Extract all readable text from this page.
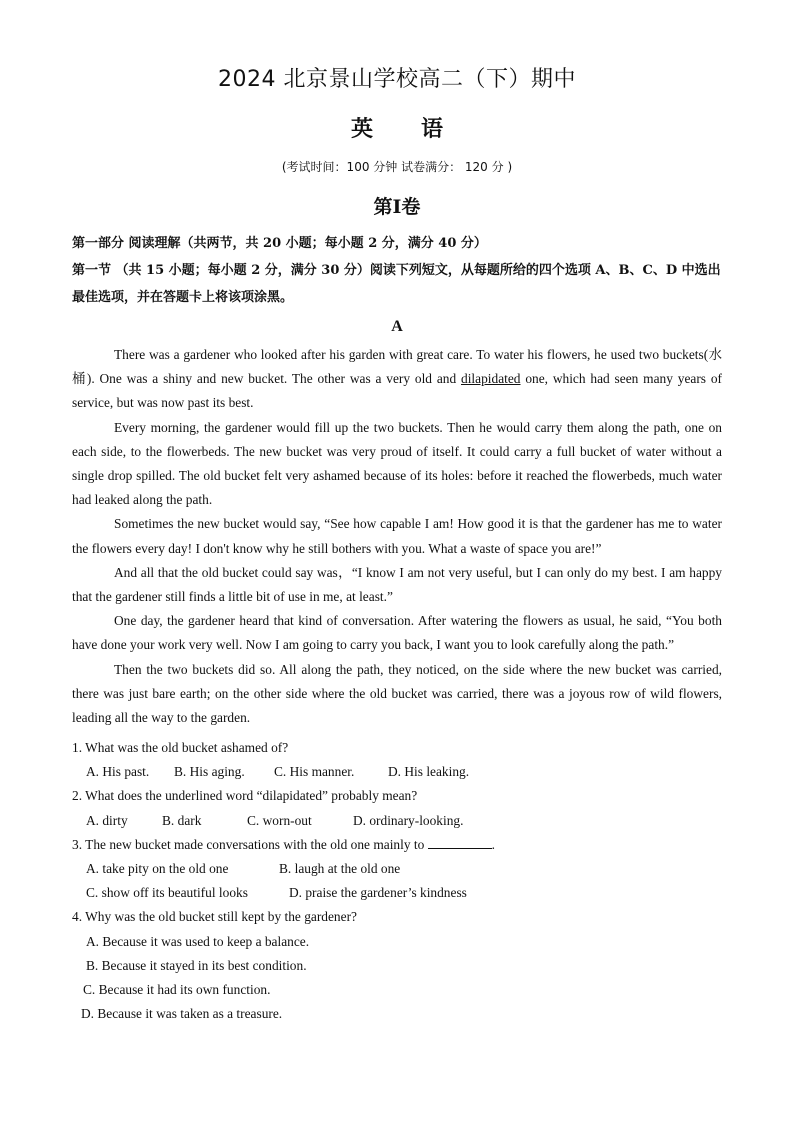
2024 北京景山学校高二（下）期中
英 语
(考试时间：100 分钟 试卷满分： 120 分 )
第Ⅰ卷
第一部分 阅读理解（共两节，共 20 小题；每小题 2 分，满分 40 分）
第一节 （共 15 小题；每小题 2 分，满分 30 分）阅读下列短文，从每题所给的四个选项 A、B、C、D 中选出最佳选项，并在答题卡上将该项涂黑。
A

There was a gardener who looked after his garden with great care. To water his flowers, he used two buckets(水桶). One was a shiny and new bucket. The other was a very old and dilapidated one, which had seen many years of service, but was now past its best.

Every morning, the gardener would fill up the two buckets. Then he would carry them along the path, one on each side, to the flowerbeds. The new bucket was very proud of itself. It could carry a full bucket of water without a single drop spilled. The old bucket felt very ashamed because of its holes: before it reached the flowerbeds, much water had leaked along the path.

Sometimes the new bucket would say, “See how capable I am! How good it is that the gardener has me to water the flowers every day! I don't know why he still bothers with you. What a waste of space you are!”

And all that the old bucket could say was，“I know I am not very useful, but I can only do my best. I am happy that the gardener still finds a little bit of use in me, at least.”

One day, the gardener heard that kind of conversation. After watering the flowers as usual, he said, “You both have done your work very well. Now I am going to carry you back, I want you to look carefully along the path.”

Then the two buckets did so. All along the path, they noticed, on the side where the new bucket was carried, there was just bare earth; on the other side where the old bucket was carried, there was a joyous row of wild flowers, leading all the way to the garden.

1. What was the old bucket ashamed of?

A. His past. B. His aging. C. His manner.	D. His leaking.

2. What does the underlined word “dilapidated” probably mean?

A. dirty	B. dark	C. worn-out	D. ordinary-looking.

3. The new bucket made conversations with the old one mainly to	.

A. take pity on the old one	B. laugh at the old one

C. show off its beautiful looks	D. praise the gardener’s kindness

4. Why was the old bucket still kept by the gardener?

A. Because it was used to keep a balance.

B. Because it stayed in its best condition.

C. Because it had its own function.

D. Because it was taken as a treasure.
